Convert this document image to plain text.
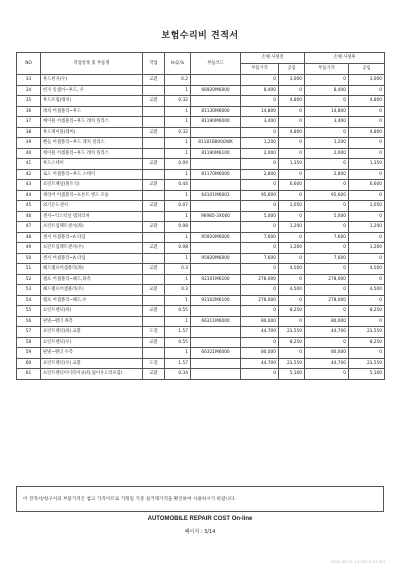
보험수리비 견적서
NO	작업항목 및 부품명	작업	H,Q,%	부품코드	손해 사정전		손해 사정후	
					부품가격	공임	부품가격	공임
33	후드힌지(우)	교환	0.2		0	3,000	0	3,000
34	힌지 잇셈어~후드, 우		1	66920M6000	8,400	0	8,400	0
35	후드트림(래치)	교환	0.32		0	4,800	0	4,800
36	래치 어셈블리~후드		1	81130M6000	14,800	0	14,800	0
37	케이블 어셈블리~후드 래치 릴리스		1	81190M6000	3,400	0	3,400	0
38	후드케이블(레버)	교환	0.32		0	4,800	0	4,800
39	핸들 어셈블리~후드 래치 릴리스		1	81181B8000WK	1,200	0	1,200	0
40	케이블 어셈블리~후드 래치 릴리스		1	81190M6100	2,000	0	2,000	0
41	후드스테이	교환	0.09		0	1,350	0	1,350
42	로드 어셈블리~후드 스테이		1	81170M6000	2,800	0	2,800	0
43	프런트패널(볼트식)	교환	0.44		0	6,600	0	6,600
44	캐리어 어셈블리~프론트 엔드 모듈		1	64101M6001	95,600	0	95,600	0
45	외기온도센서	교환	0.07		0	1,050	0	1,050
46	센서~익스터널 템퍼러쳐		1	96985-3X000	5,000	0	5,000	0
47	프런트임팩트센서(좌)	교환	0.08		0	1,200	0	1,200
48	센서 어셈블리~A 타입		1	95920M6000	7,600	0	7,600	0
49	프런트임팩트센서(우)	교환	0.08		0	1,200	0	1,200
50	센서 어셈블리~A 타입		1	95920M6000	7,600	0	7,600	0
51	헤드램프어셈블리(좌)	교환	0.3		0	4,500	0	4,500
52	램프 어셈블리~헤드,좌측		1	92101M6100	278,000	0	278,000	0
53	헤드램프어셈블리(우)	교환	0.3		0	4,500	0	4,500
54	램프 어셈블리~헤드,우		1	92102M6100	278,000	0	278,000	0
55	프런트펜더(좌)	교환	0.55		0	8,250	0	8,250
56	판넬~펜더 좌측		1	66311M6000	80,000	0	80,000	0
57	프런트펜더(좌) 교환	도장	1.57		44,700	23,550	44,700	23,550
58	프런트펜더(우)	교환	0.55		0	8,250	0	8,250
59	판넬~펜더 우측		1	66321M6000	80,000	0	80,000	0
60	프런트펜더(우) 교환	도장	1.57		44,700	23,550	44,700	23,550
61	프런트펜더이너라이닝(좌,림이우드러포함)	교환	0.34		0	5,100	0	5,100
이 견적서/청구서의 부품가격은 참고 가격이므로 거래일 기준 실거래가격을 확인하여 사용하시기 바랍니다.
AUTOMOBILE REPAIR COST On-line
페이지 : 3/14
2024-06-11 14:16:54 K7-001
